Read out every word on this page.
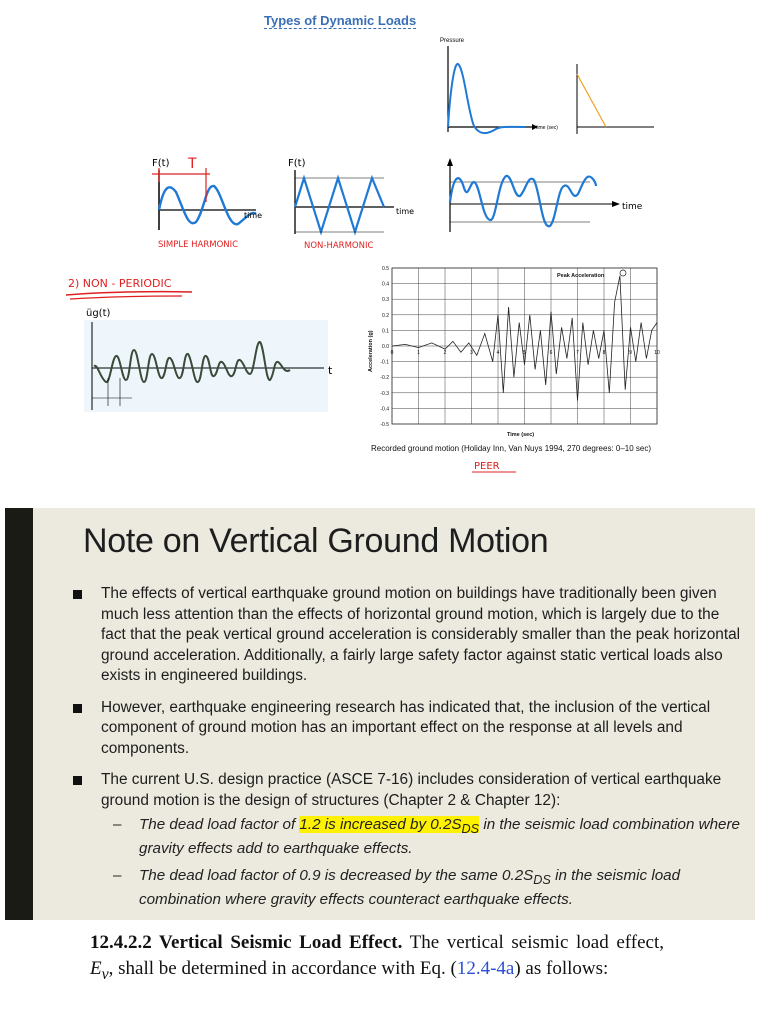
Types of Dynamic Loads
Pressure
time (sec)
F(t) T
time
SIMPLE HARMONIC
F(t)
time
NON-HARMONIC
time
2) NON - PERIODIC
üg(t)
t
0.5
0.4
0.3
0.2
0.1
0.0
-0.1
-0.2
-0.3
-0.4
-0.5
0	1	2	3	4	5	6	7	8	9	10
Peak Acceleration
Time (sec)
Acceleration (g)
Recorded ground motion (Holiday Inn, Van Nuys 1994, 270 degrees: 0–10 sec)
PEER
Note on Vertical Ground Motion
The effects of vertical earthquake ground motion on buildings have traditionally been given much less attention than the effects of horizontal ground motion, which is largely due to the fact that the peak vertical ground acceleration is considerably smaller than the peak horizontal ground acceleration. Additionally, a fairly large safety factor against static vertical loads also exists in engineered buildings.
However, earthquake engineering research has indicated that, the inclusion of the vertical component of ground motion has an important effect on the response at all levels and components.
The current U.S. design practice (ASCE 7-16) includes consideration of vertical earthquake ground motion is the design of structures (Chapter 2 & Chapter 12):
– The dead load factor of 1.2 is increased by $0.2S_{DS}$ in the seismic load combination where gravity effects add to earthquake effects.
– The dead load factor of 0.9 is decreased by the same $0.2S_{DS}$ in the seismic load combination where gravity effects counteract earthquake effects.
12.4.2.2 Vertical Seismic Load Effect. The vertical seismic load effect, $E_v$, shall be determined in accordance with Eq. (12.4-4a) as follows:
